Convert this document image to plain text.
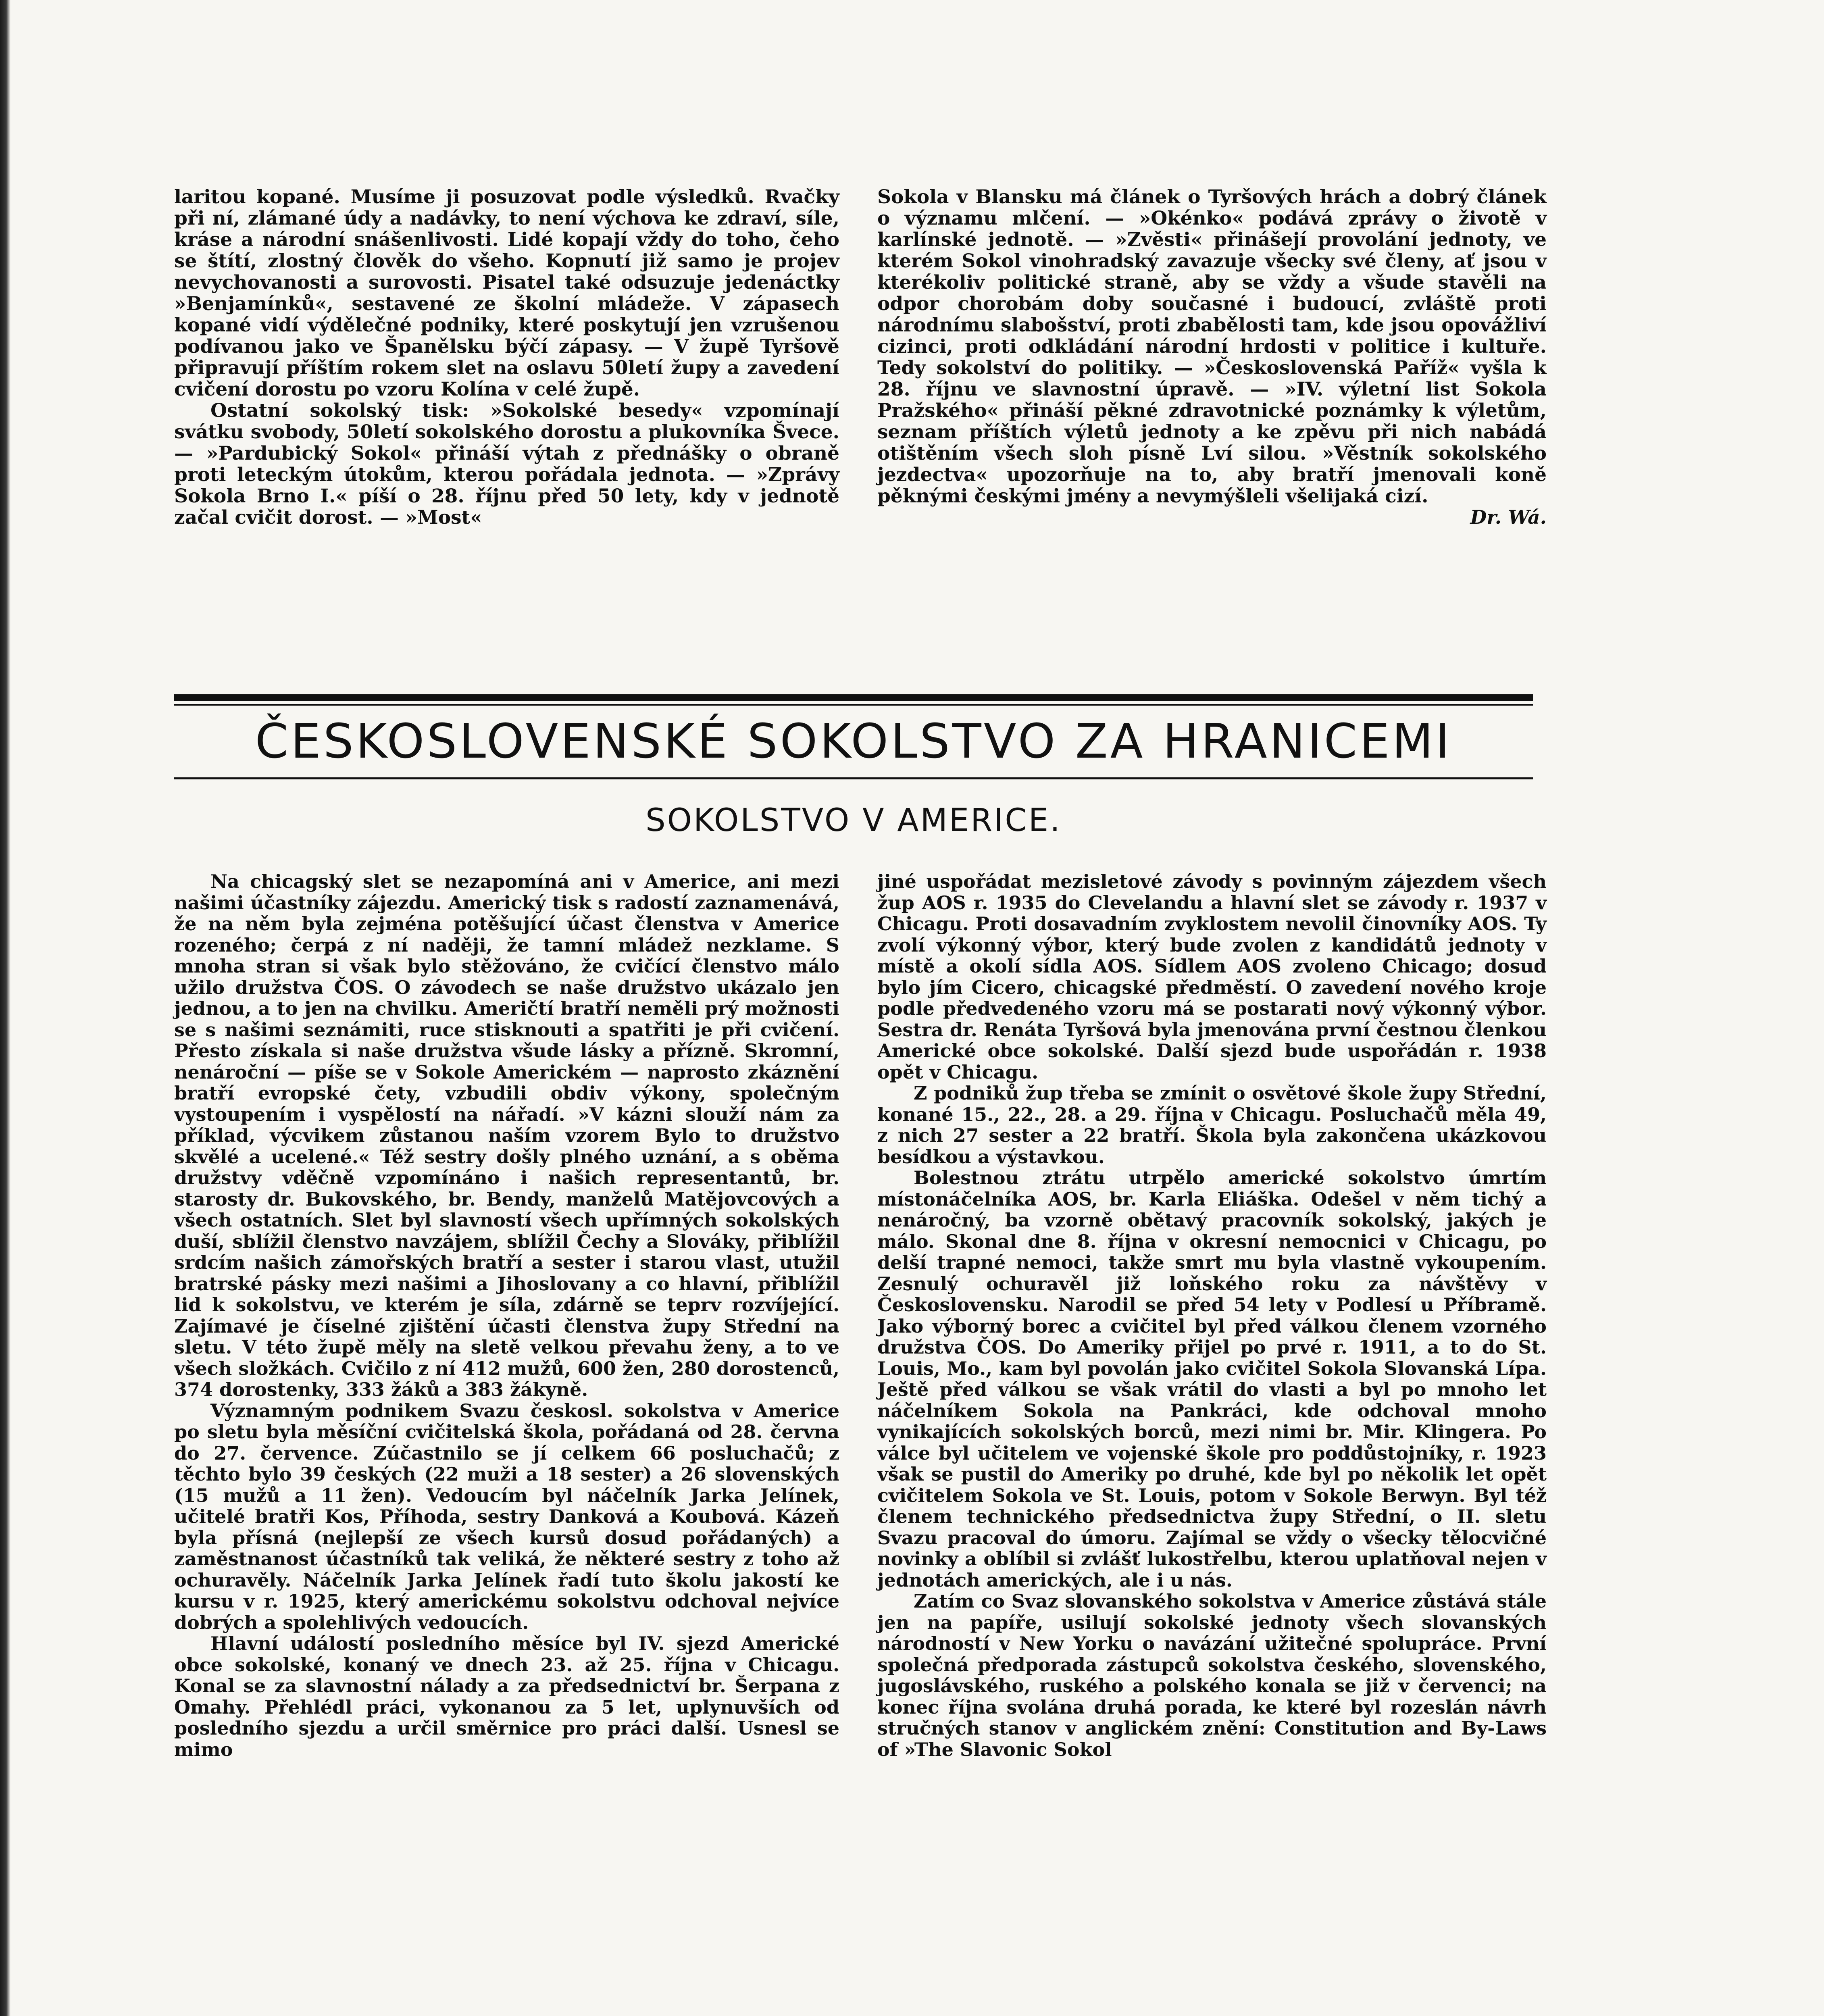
laritou kopané. Musíme ji posuzovat podle výsledků. Rvačky při ní, zlámané údy a nadávky, to není výchova ke zdraví, síle, kráse a národní snášenlivosti. Lidé kopají vždy do toho, čeho se štítí, zlostný člověk do všeho. Kopnutí již samo je projev nevychovanosti a surovosti. Pisatel také odsuzuje jedenáctky »Benjamínků«, sestavené ze školní mládeže. V zápasech kopané vidí výdělečné podniky, které poskytují jen vzrušenou podívanou jako ve Španělsku býčí zápasy. — V župě Tyršově připravují příštím rokem slet na oslavu 50letí župy a zavedení cvičení dorostu po vzoru Kolína v celé župě.

Ostatní sokolský tisk: »Sokolské besedy« vzpomínají svátku svobody, 50letí sokolského dorostu a plukovníka Švece. — »Pardubický Sokol« přináší výtah z přednášky o obraně proti leteckým útokům, kterou pořádala jednota. — »Zprávy Sokola Brno I.« píší o 28. říjnu před 50 lety, kdy v jednotě začal cvičit dorost. — »Most«

Sokola v Blansku má článek o Tyršových hrách a dobrý článek o významu mlčení. — »Okénko« podává zprávy o životě v karlínské jednotě. — »Zvěsti« přinášejí provolání jednoty, ve kterém Sokol vinohradský zavazuje všecky své členy, ať jsou v kterékoliv politické straně, aby se vždy a všude stavěli na odpor chorobám doby současné i budoucí, zvláště proti národnímu slabošství, proti zbabělosti tam, kde jsou opovážliví cizinci, proti odkládání národní hrdosti v politice i kultuře. Tedy sokolství do politiky. — »Československá Paříž« vyšla k 28. říjnu ve slavnostní úpravě. — »IV. výletní list Sokola Pražského« přináší pěkné zdravotnické poznámky k výletům, seznam příštích výletů jednoty a ke zpěvu při nich nabádá otištěním všech sloh písně Lví silou. »Věstník sokolského jezdectva« upozorňuje na to, aby bratří jmenovali koně pěknými českými jmény a nevymýšleli všelijaká cizí.

Dr. Wá.

ČESKOSLOVENSKÉ SOKOLSTVO ZA HRANICEMI
SOKOLSTVO V AMERICE.

Na chicagský slet se nezapomíná ani v Americe, ani mezi našimi účastníky zájezdu. Americký tisk s radostí zaznamenává, že na něm byla zejména potěšující účast členstva v Americe rozeného; čerpá z ní naději, že tamní mládež nezklame. S mnoha stran si však bylo stěžováno, že cvičící členstvo málo užilo družstva ČOS. O závodech se naše družstvo ukázalo jen jednou, a to jen na chvilku. Američtí bratří neměli prý možnosti se s našimi seznámiti, ruce stisknouti a spatřiti je při cvičení. Přesto získala si naše družstva všude lásky a přízně. Skromní, nenároční — píše se v Sokole Americkém — naprosto zkáznění bratří evropské čety, vzbudili obdiv výkony, společným vystoupením i vyspělostí na nářadí. »V kázni slouží nám za příklad, výcvikem zůstanou naším vzorem Bylo to družstvo skvělé a ucelené.« Též sestry došly plného uznání, a s oběma družstvy vděčně vzpomínáno i našich representantů, br. starosty dr. Bukovského, br. Bendy, manželů Matějovcových a všech ostatních. Slet byl slavností všech upřímných sokolských duší, sblížil členstvo navzájem, sblížil Čechy a Slováky, přiblížil srdcím našich zámořských bratří a sester i starou vlast, utužil bratrské pásky mezi našimi a Jihoslovany a co hlavní, přiblížil lid k sokolstvu, ve kterém je síla, zdárně se teprv rozvíjející. Zajímavé je číselné zjištění účasti členstva župy Střední na sletu. V této župě měly na sletě velkou převahu ženy, a to ve všech složkách. Cvičilo z ní 412 mužů, 600 žen, 280 dorostenců, 374 dorostenky, 333 žáků a 383 žákyně.

Významným podnikem Svazu českosl. sokolstva v Americe po sletu byla měsíční cvičitelská škola, pořádaná od 28. června do 27. července. Zúčastnilo se jí celkem 66 posluchačů; z těchto bylo 39 českých (22 muži a 18 sester) a 26 slovenských (15 mužů a 11 žen). Vedoucím byl náčelník Jarka Jelínek, učitelé bratři Kos, Příhoda, sestry Danková a Koubová. Kázeň byla přísná (nejlepší ze všech kursů dosud pořádaných) a zaměstnanost účastníků tak veliká, že některé sestry z toho až ochuravěly. Náčelník Jarka Jelínek řadí tuto školu jakostí ke kursu v r. 1925, který americkému sokolstvu odchoval nejvíce dobrých a spolehlivých vedoucích.

Hlavní událostí posledního měsíce byl IV. sjezd Americké obce sokolské, konaný ve dnech 23. až 25. října v Chicagu. Konal se za slavnostní nálady a za předsednictví br. Šerpana z Omahy. Přehlédl práci, vykonanou za 5 let, uplynuvších od posledního sjezdu a určil směrnice pro práci další. Usnesl se mimo

jiné uspořádat mezisletové závody s povinným zájezdem všech žup AOS r. 1935 do Clevelandu a hlavní slet se závody r. 1937 v Chicagu. Proti dosavadním zvyklostem nevolil činovníky AOS. Ty zvolí výkonný výbor, který bude zvolen z kandidátů jednoty v místě a okolí sídla AOS. Sídlem AOS zvoleno Chicago; dosud bylo jím Cicero, chicagské předměstí. O zavedení nového kroje podle předvedeného vzoru má se postarati nový výkonný výbor. Sestra dr. Renáta Tyršová byla jmenována první čestnou členkou Americké obce sokolské. Další sjezd bude uspořádán r. 1938 opět v Chicagu.

Z podniků žup třeba se zmínit o osvětové škole župy Střední, konané 15., 22., 28. a 29. října v Chicagu. Posluchačů měla 49, z nich 27 sester a 22 bratří. Škola byla zakončena ukázkovou besídkou a výstavkou.

Bolestnou ztrátu utrpělo americké sokolstvo úmrtím místonáčelníka AOS, br. Karla Eliáška. Odešel v něm tichý a nenáročný, ba vzorně obětavý pracovník sokolský, jakých je málo. Skonal dne 8. října v okresní nemocnici v Chicagu, po delší trapné nemoci, takže smrt mu byla vlastně vykoupením. Zesnulý ochuravěl již loňského roku za návštěvy v Československu. Narodil se před 54 lety v Podlesí u Příbramě. Jako výborný borec a cvičitel byl před válkou členem vzorného družstva ČOS. Do Ameriky přijel po prvé r. 1911, a to do St. Louis, Mo., kam byl povolán jako cvičitel Sokola Slovanská Lípa. Ještě před válkou se však vrátil do vlasti a byl po mnoho let náčelníkem Sokola na Pankráci, kde odchoval mnoho vynikajících sokolských borců, mezi nimi br. Mir. Klingera. Po válce byl učitelem ve vojenské škole pro poddůstojníky, r. 1923 však se pustil do Ameriky po druhé, kde byl po několik let opět cvičitelem Sokola ve St. Louis, potom v Sokole Berwyn. Byl též členem technického předsednictva župy Střední, o II. sletu Svazu pracoval do úmoru. Zajímal se vždy o všecky tělocvičné novinky a oblíbil si zvlášť lukostřelbu, kterou uplatňoval nejen v jednotách amerických, ale i u nás.

Zatím co Svaz slovanského sokolstva v Americe zůstává stále jen na papíře, usilují sokolské jednoty všech slovanských národností v New Yorku o navázání užitečné spolupráce. První společná předporada zástupců sokolstva českého, slovenského, jugoslávského, ruského a polského konala se již v červenci; na konec října svolána druhá porada, ke které byl rozeslán návrh stručných stanov v anglickém znění: Constitution and By-Laws of »The Slavonic Sokol
